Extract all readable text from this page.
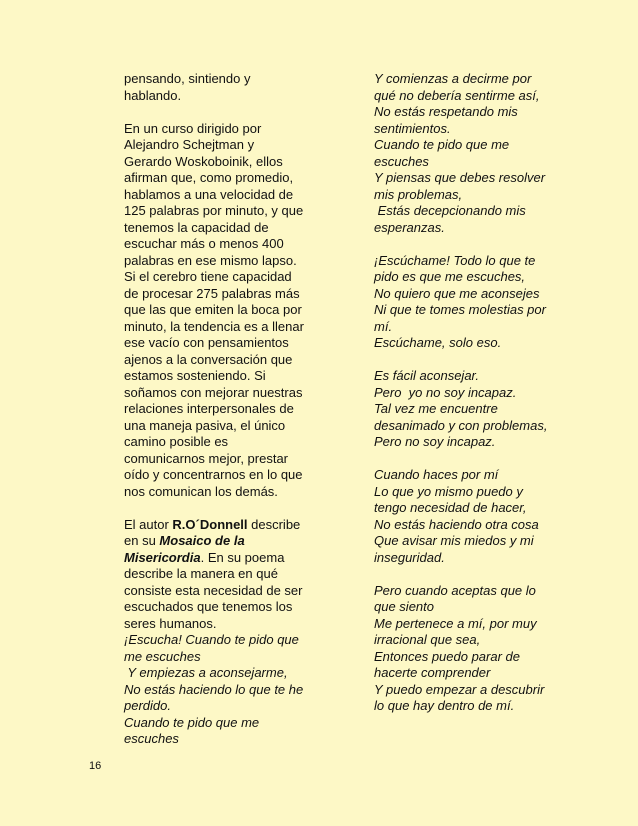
pensando, sintiendo y
hablando.
En un curso dirigido por
Alejandro Schejtman y
Gerardo Woskoboinik, ellos
afirman que, como promedio,
hablamos a una velocidad de
125 palabras por minuto, y que
tenemos la capacidad de
escuchar más o menos 400
palabras en ese mismo lapso.
Si el cerebro tiene capacidad
de procesar 275 palabras más
que las que emiten la boca por
minuto, la tendencia es a llenar
ese vacío con pensamientos
ajenos a la conversación que
estamos sosteniendo. Si
soñamos con mejorar nuestras
relaciones interpersonales de
una maneja pasiva, el único
camino posible es
comunicarnos mejor, prestar
oído y concentrarnos en lo que
nos comunican los demás.
El autor R.O´Donnell describe
en su Mosaico de la
Misericordia. En su poema
describe la manera en qué
consiste esta necesidad de ser
escuchados que tenemos los
seres humanos.
¡Escucha! Cuando te pido que
me escuches
Y empiezas a aconsejarme,
No estás haciendo lo que te he
perdido.
Cuando te pido que me
escuches
Y comienzas a decirme por
qué no debería sentirme así,
No estás respetando mis
sentimientos.
Cuando te pido que me
escuches
Y piensas que debes resolver
mis problemas,
Estás decepcionando mis
esperanzas.
¡Escúchame! Todo lo que te
pido es que me escuches,
No quiero que me aconsejes
Ni que te tomes molestias por
mí.
Escúchame, solo eso.
Es fácil aconsejar.
Pero  yo no soy incapaz.
Tal vez me encuentre
desanimado y con problemas,
Pero no soy incapaz.
Cuando haces por mí
Lo que yo mismo puedo y
tengo necesidad de hacer,
No estás haciendo otra cosa
Que avisar mis miedos y mi
inseguridad.
Pero cuando aceptas que lo
que siento
Me pertenece a mí, por muy
irracional que sea,
Entonces puedo parar de
hacerte comprender
Y puedo empezar a descubrir
lo que hay dentro de mí.
16
